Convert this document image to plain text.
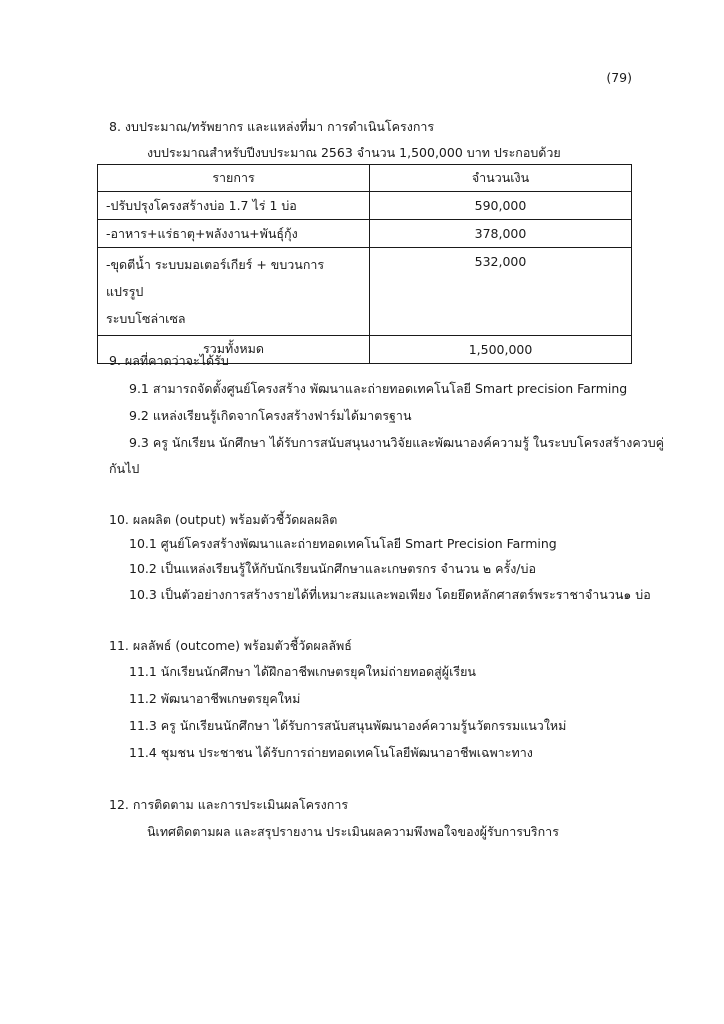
(79)
8. งบประมาณ/ทรัพยากร และแหล่งที่มา การดำเนินโครงการ
งบประมาณสำหรับปีงบประมาณ 2563 จำนวน 1,500,000 บาท ประกอบด้วย
รายการ	จำนวนเงิน
-ปรับปรุงโครงสร้างบ่อ 1.7 ไร่ 1 บ่อ	590,000
-อาหาร+แร่ธาตุ+พลังงาน+พันธุ์กุ้ง	378,000

-ขุดตีน้ำ ระบบมอเตอร์เกียร์ + ขบวนการแปรรูป
ระบบโซล่าเซล	532,000
รวมทั้งหมด	1,500,000
9. ผลที่คาดว่าจะได้รับ
9.1 สามารถจัดตั้งศูนย์โครงสร้าง พัฒนาและถ่ายทอดเทคโนโลยี Smart precision Farming
9.2 แหล่งเรียนรู้เกิดจากโครงสร้างฟาร์มได้มาตรฐาน
9.3 ครู นักเรียน นักศึกษา ได้รับการสนับสนุนงานวิจัยและพัฒนาองค์ความรู้ ในระบบโครงสร้างควบคู่
กันไป
10. ผลผลิต (output) พร้อมตัวชี้วัดผลผลิต
10.1 ศูนย์โครงสร้างพัฒนาและถ่ายทอดเทคโนโลยี Smart Precision Farming
10.2 เป็นแหล่งเรียนรู้ให้กับนักเรียนนักศึกษาและเกษตรกร จำนวน ๒ ครั้ง/บ่อ
10.3 เป็นตัวอย่างการสร้างรายได้ที่เหมาะสมและพอเพียง โดยยึดหลักศาสตร์พระราชาจำนวน๑ บ่อ
11. ผลลัพธ์ (outcome) พร้อมตัวชี้วัดผลลัพธ์
11.1 นักเรียนนักศึกษา ได้ฝึกอาชีพเกษตรยุคใหม่ถ่ายทอดสู่ผู้เรียน
11.2 พัฒนาอาชีพเกษตรยุคใหม่
11.3 ครู นักเรียนนักศึกษา ได้รับการสนับสนุนพัฒนาองค์ความรู้นวัตกรรมแนวใหม่
11.4 ชุมชน ประชาชน ได้รับการถ่ายทอดเทคโนโลยีพัฒนาอาชีพเฉพาะทาง
12. การติดตาม และการประเมินผลโครงการ
นิเทศติดตามผล และสรุปรายงาน ประเมินผลความพึงพอใจของผู้รับการบริการ
